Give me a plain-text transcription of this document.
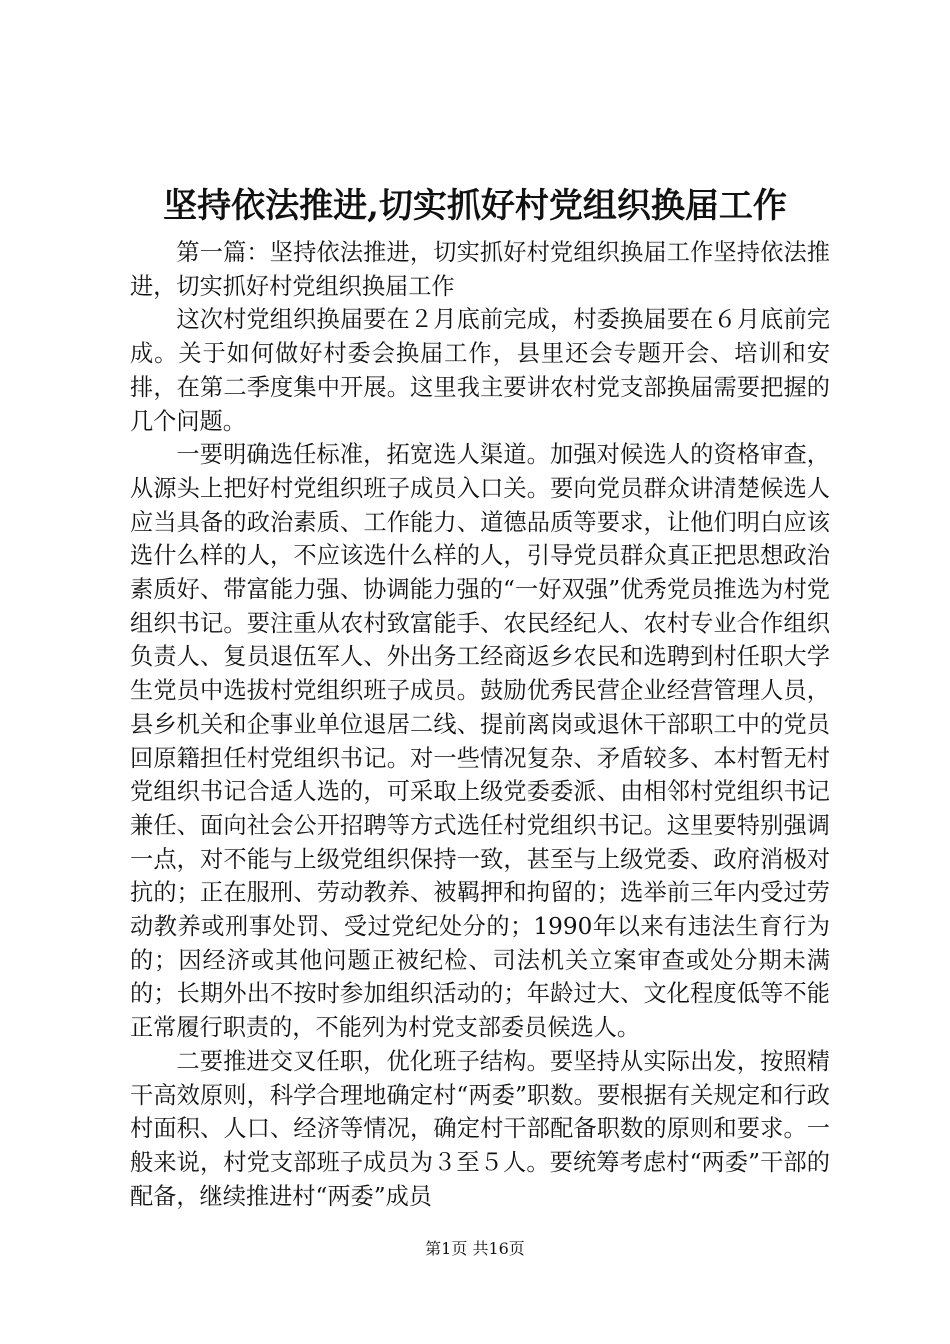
坚持依法推进,切实抓好村党组织换届工作

第一篇：坚持依法推进，切实抓好村党组织换届工作坚持依法推进，切实抓好村党组织换届工作

这次村党组织换届要在２月底前完成，村委换届要在６月底前完成。关于如何做好村委会换届工作，县里还会专题开会、培训和安排，在第二季度集中开展。这里我主要讲农村党支部换届需要把握的几个问题。

一要明确选任标准，拓宽选人渠道。加强对候选人的资格审查，从源头上把好村党组织班子成员入口关。要向党员群众讲清楚候选人应当具备的政治素质、工作能力、道德品质等要求，让他们明白应该选什么样的人，不应该选什么样的人，引导党员群众真正把思想政治素质好、带富能力强、协调能力强的“一好双强”优秀党员推选为村党组织书记。要注重从农村致富能手、农民经纪人、农村专业合作组织负责人、复员退伍军人、外出务工经商返乡农民和选聘到村任职大学生党员中选拔村党组织班子成员。鼓励优秀民营企业经营管理人员，县乡机关和企事业单位退居二线、提前离岗或退休干部职工中的党员回原籍担任村党组织书记。对一些情况复杂、矛盾较多、本村暂无村党组织书记合适人选的，可采取上级党委委派、由相邻村党组织书记兼任、面向社会公开招聘等方式选任村党组织书记。这里要特别强调一点，对不能与上级党组织保持一致，甚至与上级党委、政府消极对抗的；正在服刑、劳动教养、被羁押和拘留的；选举前三年内受过劳动教养或刑事处罚、受过党纪处分的；1990年以来有违法生育行为的；因经济或其他问题正被纪检、司法机关立案审查或处分期未满的；长期外出不按时参加组织活动的；年龄过大、文化程度低等不能正常履行职责的，不能列为村党支部委员候选人。

二要推进交叉任职，优化班子结构。要坚持从实际出发，按照精干高效原则，科学合理地确定村“两委”职数。要根据有关规定和行政村面积、人口、经济等情况，确定村干部配备职数的原则和要求。一般来说，村党支部班子成员为３至５人。要统筹考虑村“两委”干部的配备，继续推进村“两委”成员

第1页 共16页
